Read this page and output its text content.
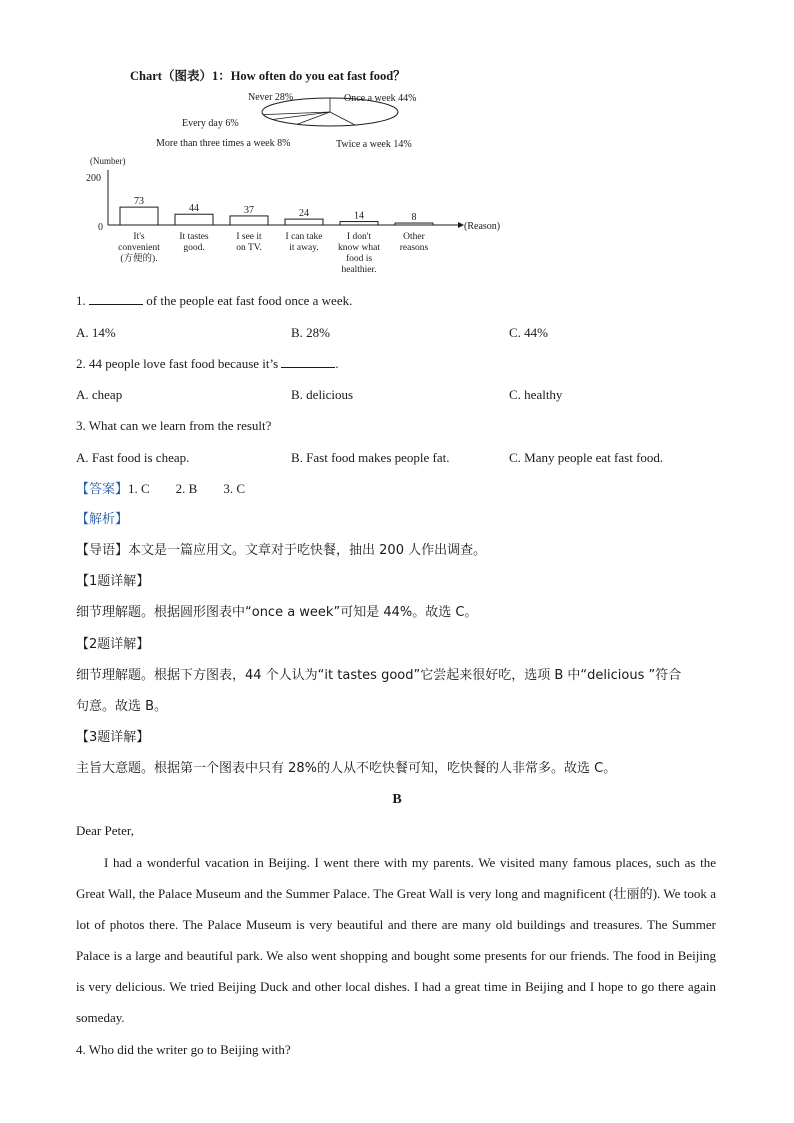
Chart（图表）1：How often do you eat fast food？
Never 28%	Once a week 44%
Every day 6%
More than three times a week 8%	Twice a week 14%
(Number)
200
0	(Reason)
73
It's
convenient
(方便的).
44
It tastes
good.
37
I see it
on TV.
24
I can take
it away.
14
I don't
know what
food is
healthier.
8
Other
reasons
1.	of the people eat fast food once a week.
A. 14%	B. 28%	C. 44%
2. 44 people love fast food because it’s	.
A. cheap	B. delicious	C. healthy
3. What can we learn from the result?
A. Fast food is cheap.	B. Fast food makes people fat.	C. Many people eat fast food.
【答案】1. C        2. B        3. C
【解析】
【导语】本文是一篇应用文。文章对于吃快餐，抽出 200 人作出调查。
【1题详解】
细节理解题。根据圆形图表中“once a week”可知是 44%。故选 C。
【2题详解】
细节理解题。根据下方图表，44 个人认为“it tastes good”它尝起来很好吃，选项 B 中“delicious ”符合
句意。故选 B。
【3题详解】
主旨大意题。根据第一个图表中只有 28%的人从不吃快餐可知，吃快餐的人非常多。故选 C。
B
Dear Peter,
I had a wonderful vacation in Beijing. I went there with my parents. We visited many famous places, such as the Great Wall, the Palace Museum and the Summer Palace. The Great Wall is very long and magnificent (壮丽的). We took a lot of photos there. The Palace Museum is very beautiful and there are many old buildings and treasures. The Summer Palace is a large and beautiful park. We also went shopping and bought some presents for our friends. The food in Beijing is very delicious. We tried Beijing Duck and other local dishes. I had a great time in Beijing and I hope to go there again someday.
4. Who did the writer go to Beijing with?
